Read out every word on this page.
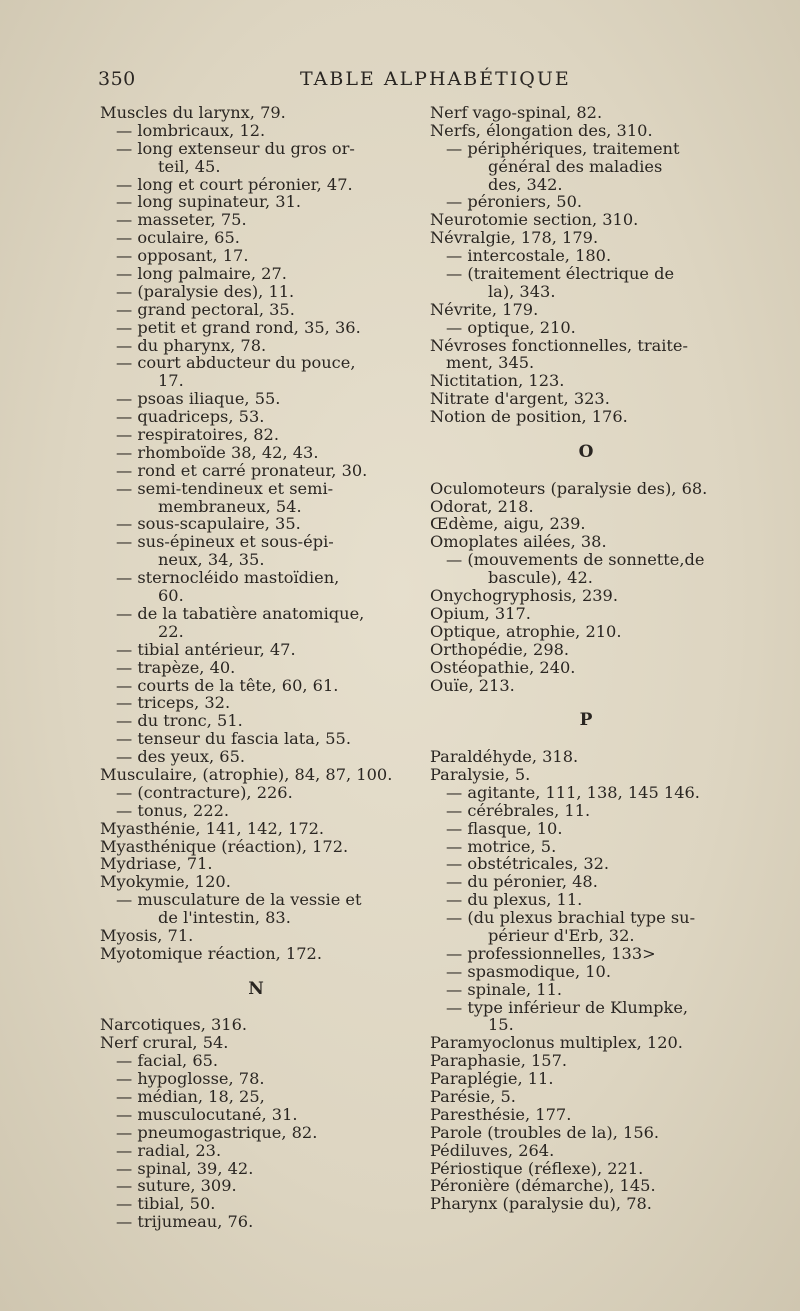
350	TABLE ALPHABÉTIQUE
Muscles du larynx, 79.
— lombricaux, 12.
— long extenseur du gros or-
teil, 45.
— long et court péronier, 47.
— long supinateur, 31.
— masseter, 75.
— oculaire, 65.
— opposant, 17.
— long palmaire, 27.
— (paralysie des), 11.
— grand pectoral, 35.
— petit et grand rond, 35, 36.
— du pharynx, 78.
— court abducteur du pouce,
17.
— psoas iliaque, 55.
— quadriceps, 53.
— respiratoires, 82.
— rhomboïde 38, 42, 43.
— rond et carré pronateur, 30.
— semi-tendineux et semi-
membraneux, 54.
— sous-scapulaire, 35.
— sus-épineux et sous-épi-
neux, 34, 35.
— sternocléido mastoïdien,
60.
— de la tabatière anatomique,
22.
— tibial antérieur, 47.
— trapèze, 40.
— courts de la tête, 60, 61.
— triceps, 32.
— du tronc, 51.
— tenseur du fascia lata, 55.
— des yeux, 65.
Musculaire, (atrophie), 84, 87, 100.
— (contracture), 226.
— tonus, 222.
Myasthénie, 141, 142, 172.
Myasthénique (réaction), 172.
Mydriase, 71.
Myokymie, 120.
— musculature de la vessie et
de l'intestin, 83.
Myosis, 71.
Myotomique réaction, 172.
N
Narcotiques, 316.
Nerf crural, 54.
— facial, 65.
— hypoglosse, 78.
— médian, 18, 25,
— musculocutané, 31.
— pneumogastrique, 82.
— radial, 23.
— spinal, 39, 42.
— suture, 309.
— tibial, 50.
— trijumeau, 76.
Nerf vago-spinal, 82.
Nerfs, élongation des, 310.
— périphériques, traitement
général des maladies
des, 342.
— péroniers, 50.
Neurotomie section, 310.
Névralgie, 178, 179.
— intercostale, 180.
— (traitement électrique de
la), 343.
Névrite, 179.
— optique, 210.
Névroses fonctionnelles, traite-
ment, 345.
Nictitation, 123.
Nitrate d'argent, 323.
Notion de position, 176.
O
Oculomoteurs (paralysie des), 68.
Odorat, 218.
Œdème, aigu, 239.
Omoplates ailées, 38.
— (mouvements de sonnette,de
bascule), 42.
Onychogryphosis, 239.
Opium, 317.
Optique, atrophie, 210.
Orthopédie, 298.
Ostéopathie, 240.
Ouïe, 213.
P
Paraldéhyde, 318.
Paralysie, 5.
— agitante, 111, 138, 145 146.
— cérébrales, 11.
— flasque, 10.
— motrice, 5.
— obstétricales, 32.
— du péronier, 48.
— du plexus, 11.
— (du plexus brachial type su-
périeur d'Erb, 32.
— professionnelles, 133>
— spasmodique, 10.
— spinale, 11.
— type inférieur de Klumpke,
15.
Paramyoclonus multiplex, 120.
Paraphasie, 157.
Paraplégie, 11.
Parésie, 5.
Paresthésie, 177.
Parole (troubles de la), 156.
Pédiluves, 264.
Périostique (réflexe), 221.
Péronière (démarche), 145.
Pharynx (paralysie du), 78.
